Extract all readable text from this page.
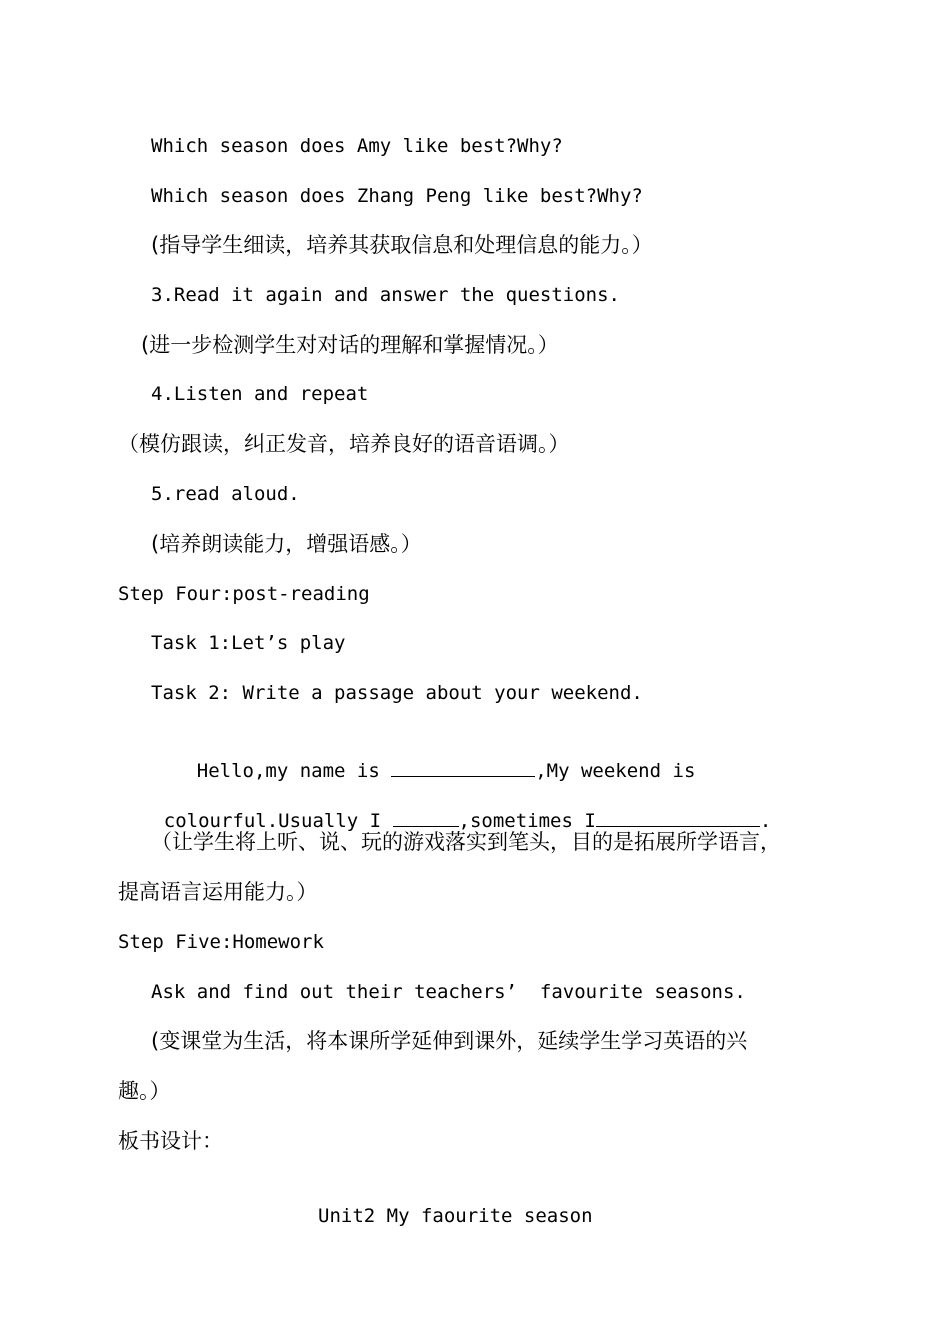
Which season does Amy like best?Why?
Which season does Zhang Peng like best?Why?
(指导学生细读，培养其获取信息和处理信息的能力。）
3.Read it again and answer the questions.
(进一步检测学生对对话的理解和掌握情况。）
4.Listen and repeat
（模仿跟读，纠正发音，培养良好的语音语调。）
5.read aloud.
(培养朗读能力，增强语感。）
Step Four:post-reading
Task 1:Let’s play
Task 2: Write a passage about your weekend.

Hello,my name is	,My weekend is

colourful.Usually I	,sometimes I	.

（让学生将上听、说、玩的游戏落实到笔头，目的是拓展所学语言，
提高语言运用能力。）
Step Five:Homework
Ask and find out their teachers’  favourite seasons.
(变课堂为生活，将本课所学延伸到课外，延续学生学习英语的兴
趣。）
板书设计：
Unit2 My faourite season
